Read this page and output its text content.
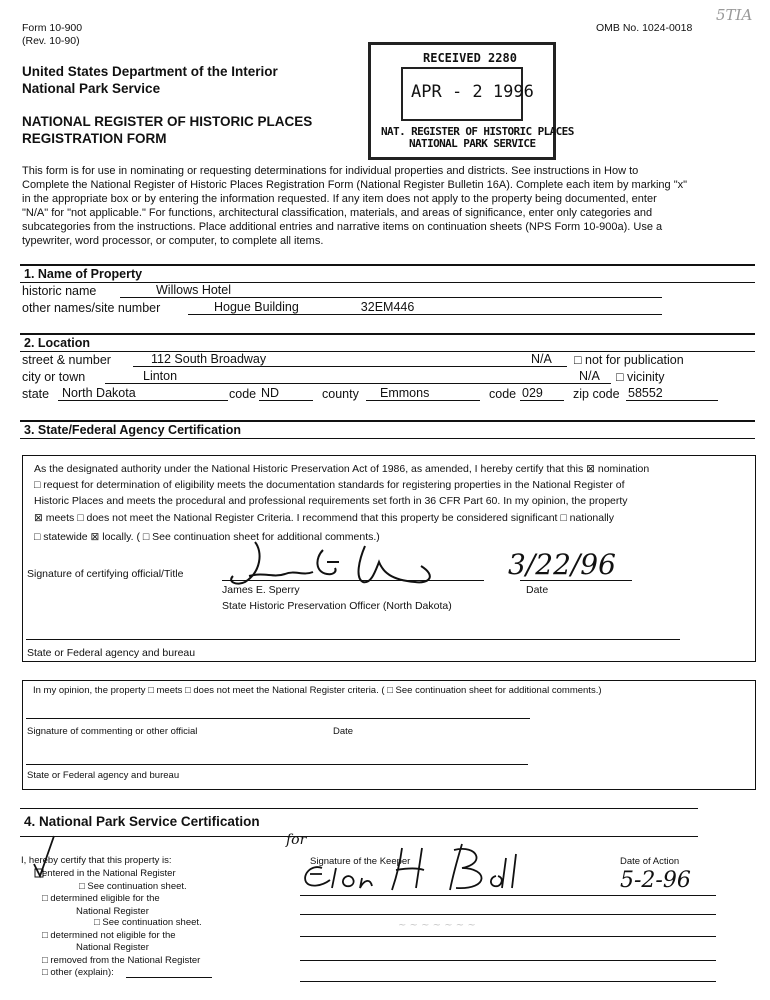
Form 10-900
(Rev. 10-90)
OMB No. 1024-0018
5TIA
United States Department of the Interior
National Park Service
NATIONAL REGISTER OF HISTORIC PLACES
REGISTRATION FORM
RECEIVED 2280
APR - 2 1996
NAT. REGISTER OF HISTORIC PLACES
NATIONAL PARK SERVICE

This form is for use in nominating or requesting determinations for individual properties and districts. See instructions in How to

Complete the National Register of Historic Places Registration Form (National Register Bulletin 16A). Complete each item by marking "x"

in the appropriate box or by entering the information requested. If any item does not apply to the property being documented, enter

"N/A" for "not applicable." For functions, architectural classification, materials, and areas of significance, enter only categories and

subcategories from the instructions. Place additional entries and narrative items on continuation sheets (NPS Form 10-900a). Use a

typewriter, word processor, or computer, to complete all items.

1. Name of Property
historic name	Willows Hotel
other names/site number	Hogue Building	32EM446
2. Location
street & number	112 South Broadway	N/A □ not for publication
city or town	Linton	N/A □ vicinity
state	North Dakota	code ND	county	Emmons	code 029	zip code 58552
3. State/Federal Agency Certification
As the designated authority under the National Historic Preservation Act of 1986, as amended, I hereby certify that this ⊠ nomination
□ request for determination of eligibility meets the documentation standards for registering properties in the National Register of
Historic Places and meets the procedural and professional requirements set forth in 36 CFR Part 60. In my opinion, the property
⊠ meets □ does not meet the National Register Criteria. I recommend that this property be considered significant □ nationally
□ statewide ⊠ locally. ( □ See continuation sheet for additional comments.)
Signature of certifying official/Title
James E. Sperry
State Historic Preservation Officer (North Dakota)
3/22/96
Date
State or Federal agency and bureau
In my opinion, the property □ meets □ does not meet the National Register criteria. ( □ See continuation sheet for additional comments.)
Signature of commenting or other official	Date
State or Federal agency and bureau
4. National Park Service Certification
I, hereby certify that this property is:
entered in the National Register
□ See continuation sheet.
□ determined eligible for the
National Register
□ See continuation sheet.
□ determined not eligible for the
National Register
□ removed from the National Register
□ other (explain):
Signature of the Keeper	Date of Action
for
5-2-96
~ ~ ~ ~ ~ ~ ~
